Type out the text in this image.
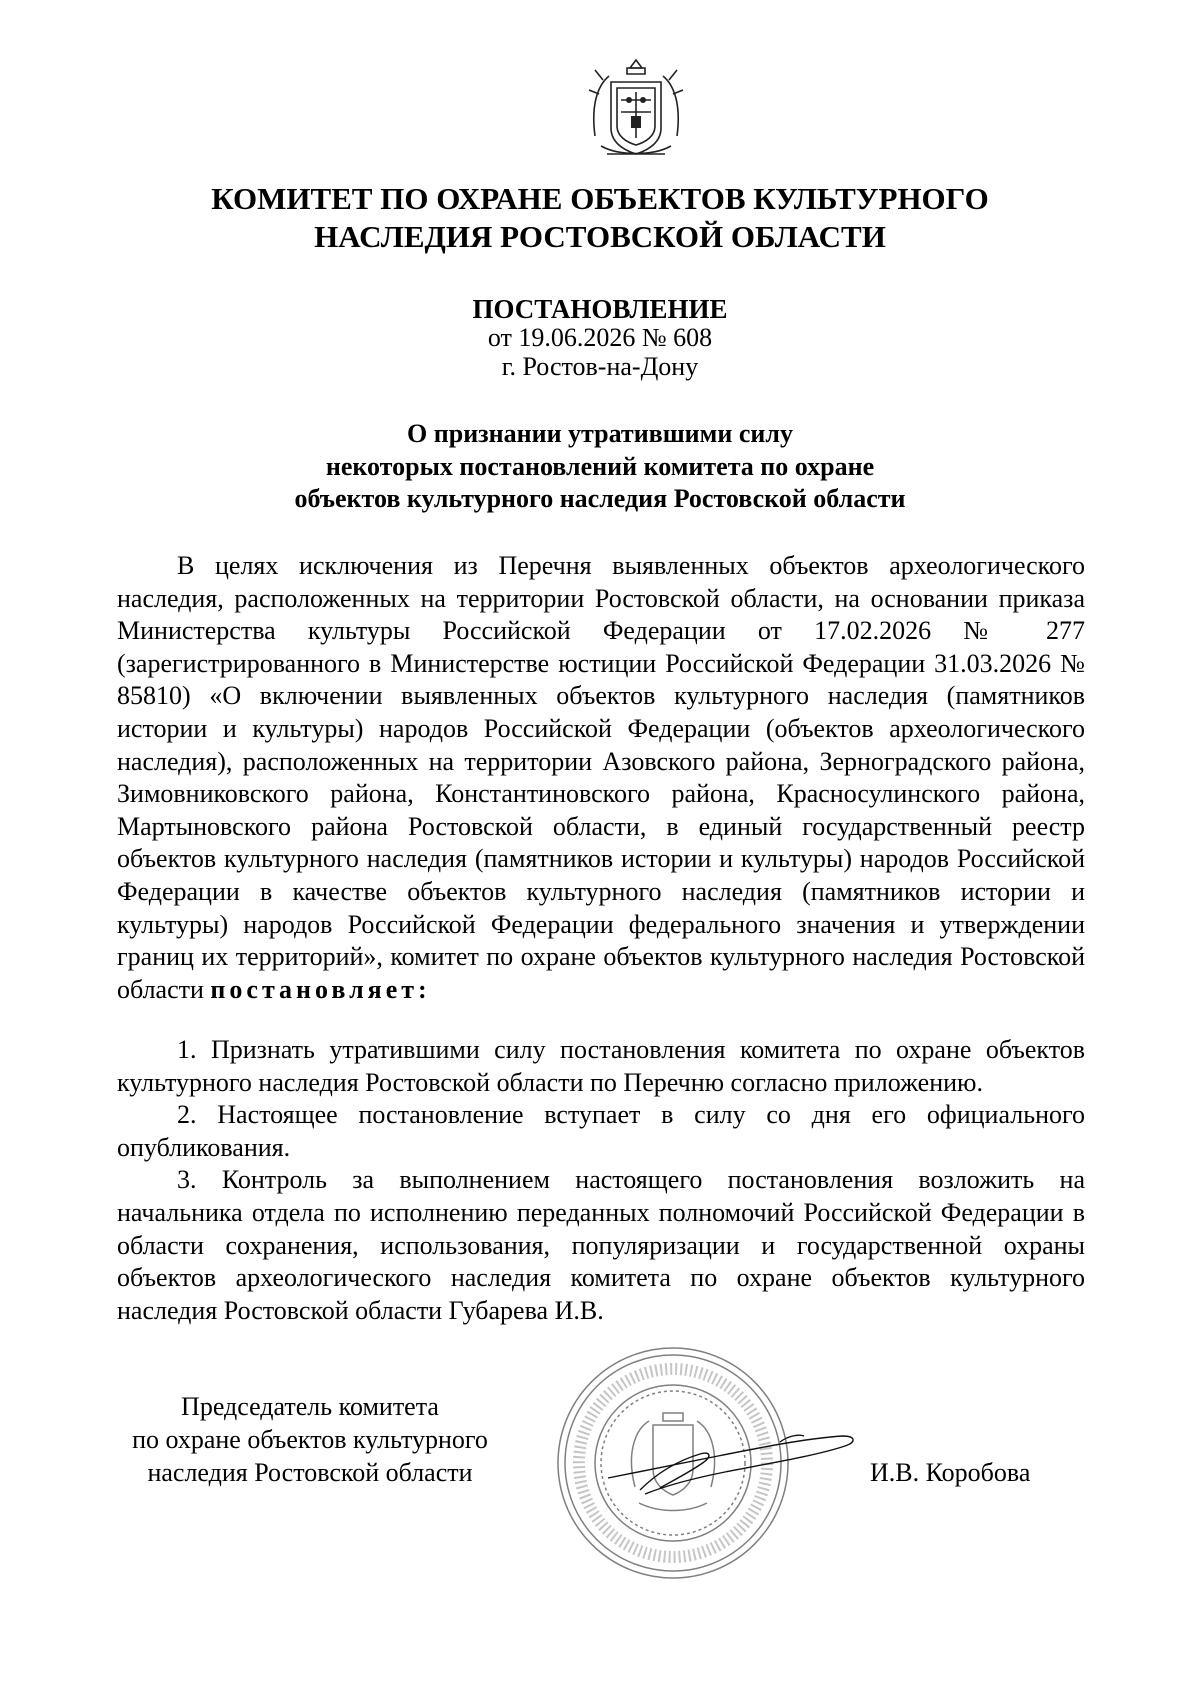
КОМИТЕТ ПО ОХРАНЕ ОБЪЕКТОВ КУЛЬТУРНОГО
НАСЛЕДИЯ РОСТОВСКОЙ ОБЛАСТИ
ПОСТАНОВЛЕНИЕ
от 19.06.2026 № 608
г. Ростов-на-Дону
О признании утратившими силу
некоторых постановлений комитета по охране
объектов культурного наследия Ростовской области

В целях исключения из Перечня выявленных объектов археологического наследия, расположенных на территории Ростовской области, на основании приказа Министерства культуры Российской Федерации от 17.02.2026 № 277 (зарегистрированного в Министерстве юстиции Российской Федерации 31.03.2026 № 85810) «О включении выявленных объектов культурного наследия (памятников истории и культуры) народов Российской Федерации (объектов археологического наследия), расположенных на территории Азовского района, Зерноградского района, Зимовниковского района, Константиновского района, Красносулинского района, Мартыновского района Ростовской области, в единый государственный реестр объектов культурного наследия (памятников истории и культуры) народов Российской Федерации в качестве объектов культурного наследия (памятников истории и культуры) народов Российской Федерации федерального значения и утверждении границ их территорий», комитет по охране объектов культурного наследия Ростовской области постановляет:

1. Признать утратившими силу постановления комитета по охране объектов культурного наследия Ростовской области по Перечню согласно приложению.

2. Настоящее постановление вступает в силу со дня его официального опубликования.

3. Контроль за выполнением настоящего постановления возложить на начальника отдела по исполнению переданных полномочий Российской Федерации в области сохранения, использования, популяризации и государственной охраны объектов археологического наследия комитета по охране объектов культурного наследия Ростовской области Губарева И.В.

Председатель комитета
по охране объектов культурного
наследия Ростовской области	И.В. Коробова
